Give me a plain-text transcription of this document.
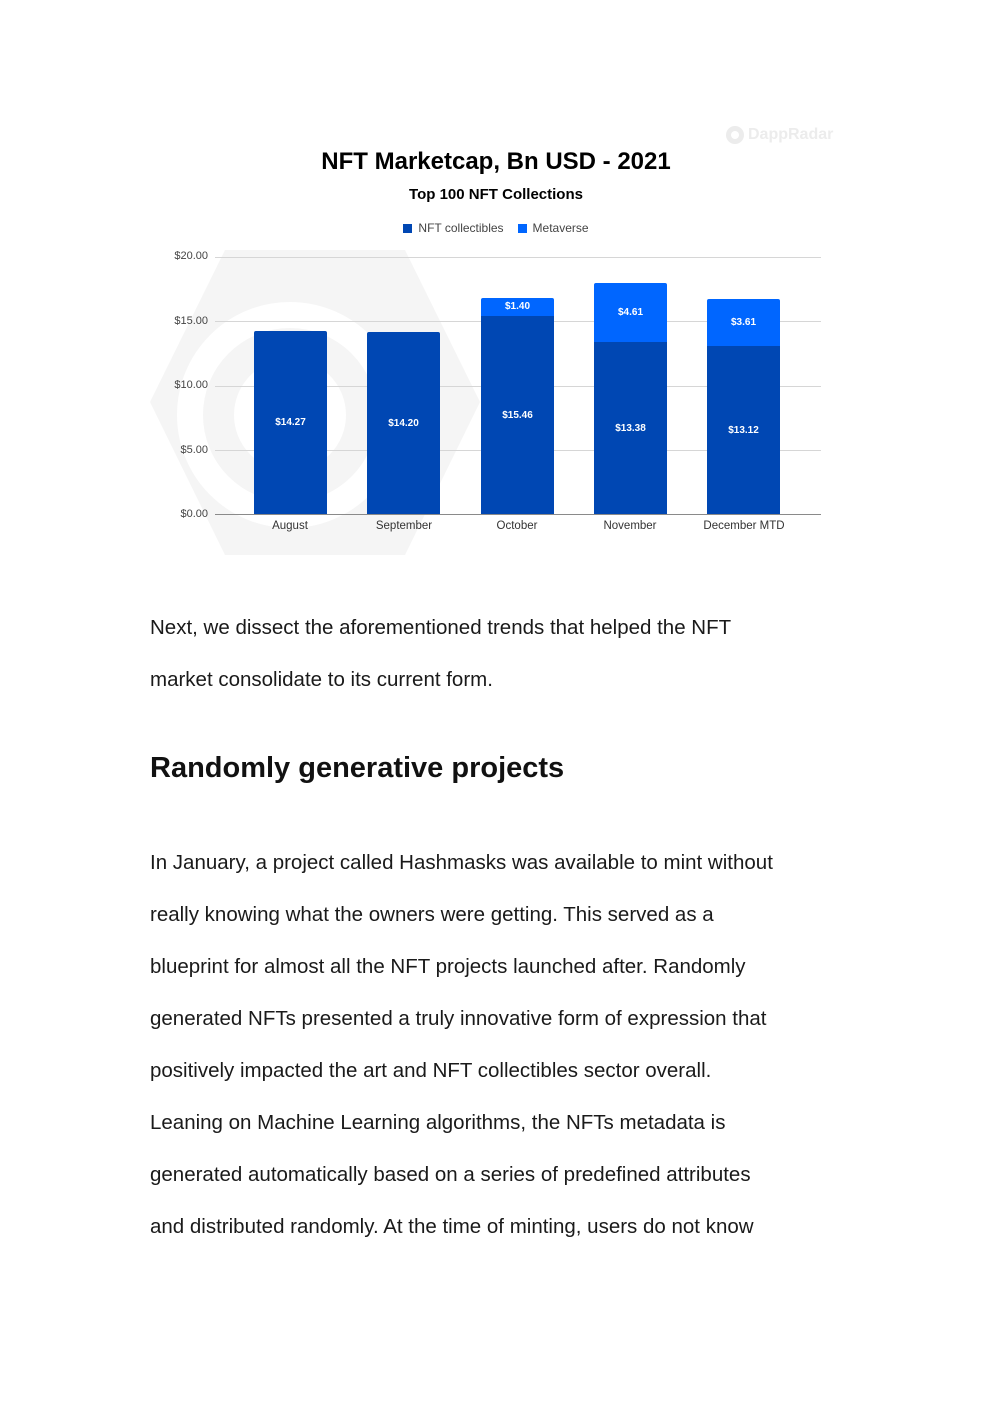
DappRadar
NFT Marketcap, Bn USD - 2021
Top 100 NFT Collections
NFT collectibles Metaverse
$20.00
$15.00
$10.00
$5.00
$0.00
$14.27	$14.20
$15.46
$1.40
$13.38
$4.61
$13.12
$3.61
August	September	October	November	December MTD
Next, we dissect the aforementioned trends that helped the NFT
market consolidate to its current form.
Randomly generative projects
In January, a project called Hashmasks was available to mint without
really knowing what the owners were getting. This served as a
blueprint for almost all the NFT projects launched after. Randomly
generated NFTs presented a truly innovative form of expression that
positively impacted the art and NFT collectibles sector overall.
Leaning on Machine Learning algorithms, the NFTs metadata is
generated automatically based on a series of predefined attributes
and distributed randomly. At the time of minting, users do not know
